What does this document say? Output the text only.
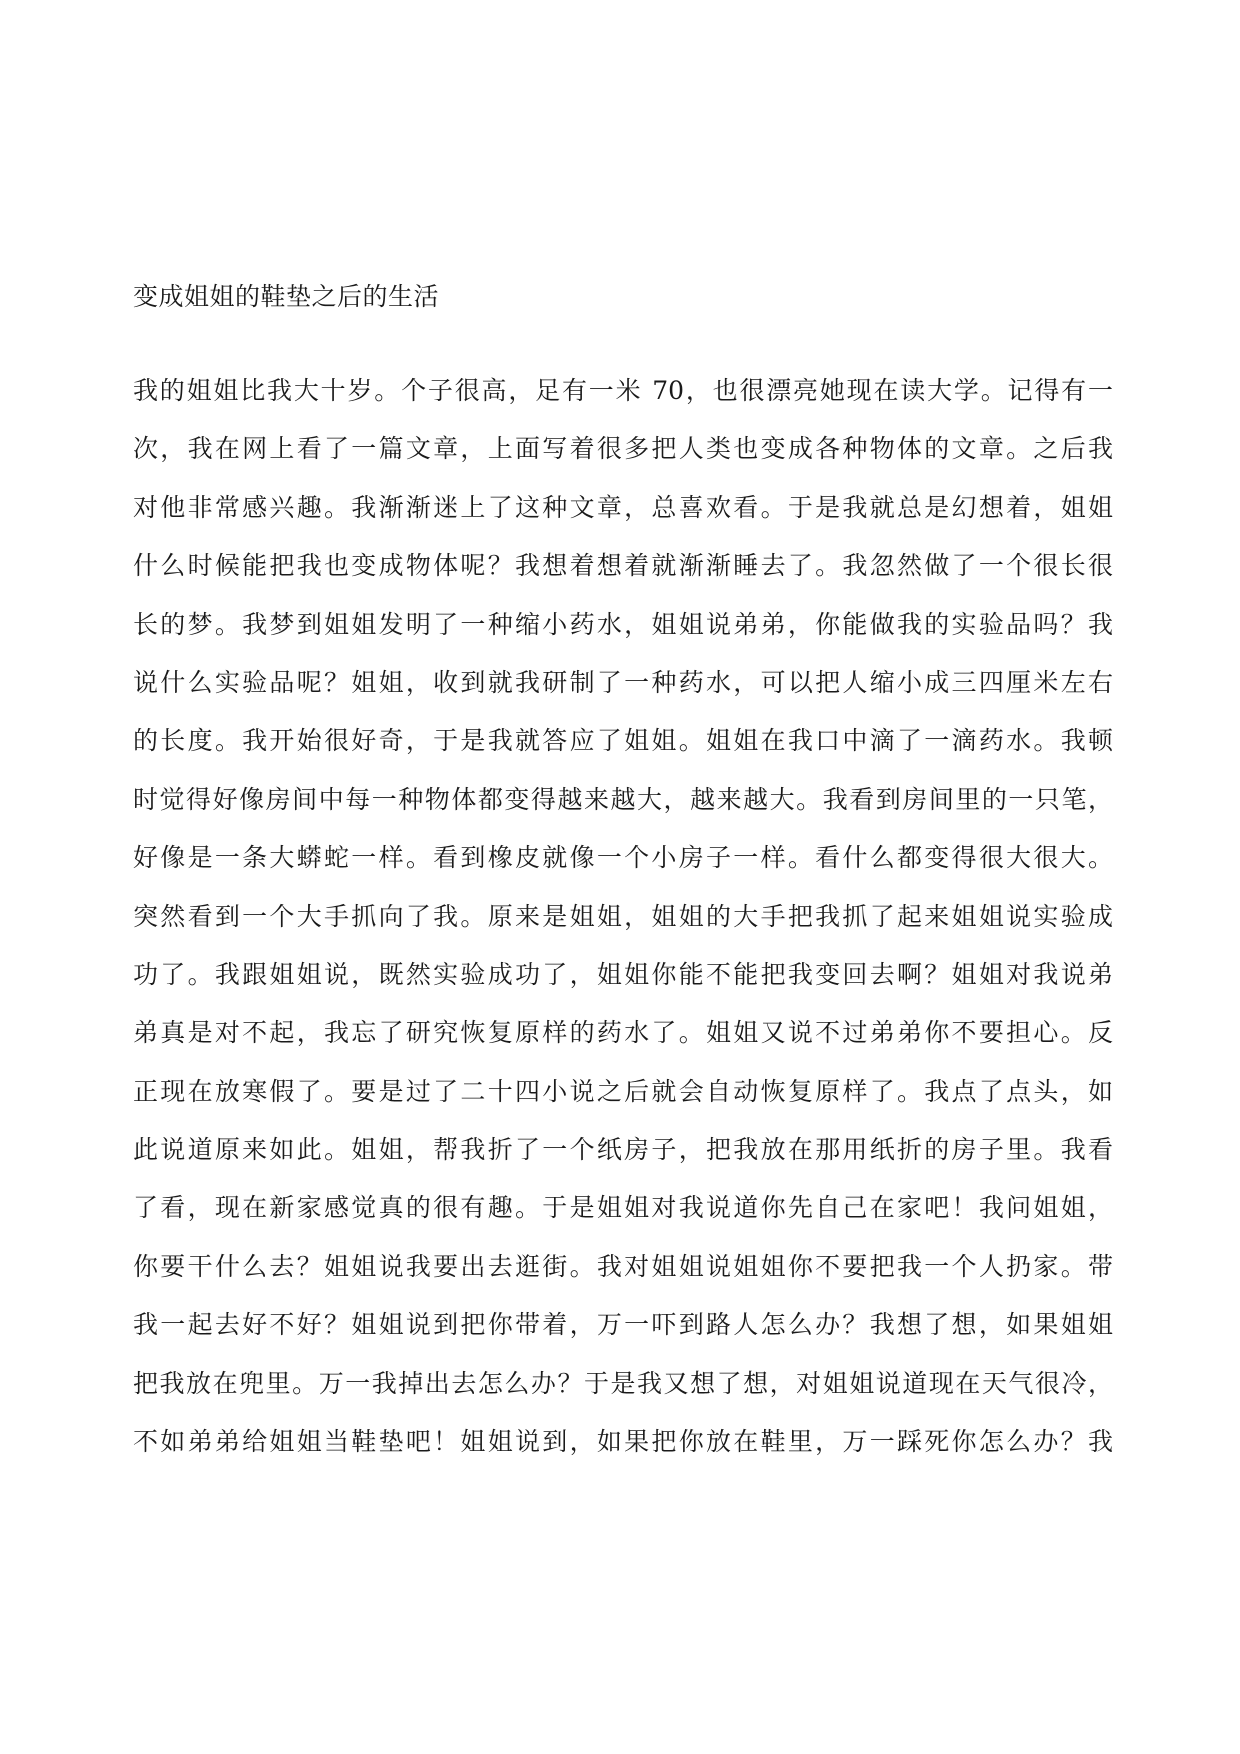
变成姐姐的鞋垫之后的生活
我的姐姐比我大十岁。个子很高，足有一米 70，也很漂亮她现在读大学。记得有一
次，我在网上看了一篇文章，上面写着很多把人类也变成各种物体的文章。之后我
对他非常感兴趣。我渐渐迷上了这种文章，总喜欢看。于是我就总是幻想着，姐姐
什么时候能把我也变成物体呢？我想着想着就渐渐睡去了。我忽然做了一个很长很
长的梦。我梦到姐姐发明了一种缩小药水，姐姐说弟弟，你能做我的实验品吗？我
说什么实验品呢？姐姐，收到就我研制了一种药水，可以把人缩小成三四厘米左右
的长度。我开始很好奇，于是我就答应了姐姐。姐姐在我口中滴了一滴药水。我顿
时觉得好像房间中每一种物体都变得越来越大，越来越大。我看到房间里的一只笔，
好像是一条大蟒蛇一样。看到橡皮就像一个小房子一样。看什么都变得很大很大。
突然看到一个大手抓向了我。原来是姐姐，姐姐的大手把我抓了起来姐姐说实验成
功了。我跟姐姐说，既然实验成功了，姐姐你能不能把我变回去啊？姐姐对我说弟
弟真是对不起，我忘了研究恢复原样的药水了。姐姐又说不过弟弟你不要担心。反
正现在放寒假了。要是过了二十四小说之后就会自动恢复原样了。我点了点头，如
此说道原来如此。姐姐，帮我折了一个纸房子，把我放在那用纸折的房子里。我看
了看，现在新家感觉真的很有趣。于是姐姐对我说道你先自己在家吧！我问姐姐，
你要干什么去？姐姐说我要出去逛街。我对姐姐说姐姐你不要把我一个人扔家。带
我一起去好不好？姐姐说到把你带着，万一吓到路人怎么办？我想了想，如果姐姐
把我放在兜里。万一我掉出去怎么办？于是我又想了想，对姐姐说道现在天气很冷，
不如弟弟给姐姐当鞋垫吧！姐姐说到，如果把你放在鞋里，万一踩死你怎么办？我
